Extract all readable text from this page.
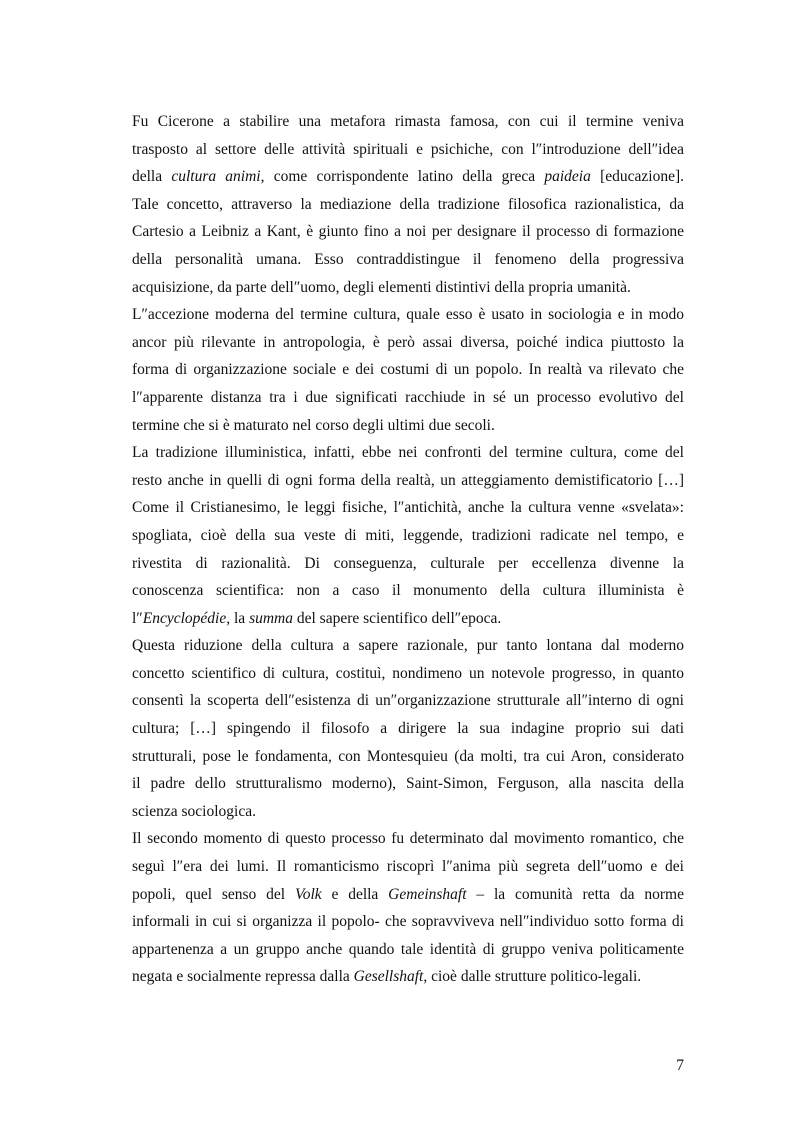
Fu Cicerone a stabilire una metafora rimasta famosa, con cui il termine veniva
trasposto al settore delle attività spirituali e psichiche, con l″introduzione dell″idea
della cultura animi, come corrispondente latino della greca paideia [educazione].
Tale concetto, attraverso la mediazione della tradizione filosofica razionalistica, da
Cartesio a Leibniz a Kant, è giunto fino a noi per designare il processo di formazione
della personalità umana. Esso contraddistingue il fenomeno della progressiva
acquisizione, da parte dell″uomo, degli elementi distintivi della propria umanità.
L″accezione moderna del termine cultura, quale esso è usato in sociologia e in modo
ancor più rilevante in antropologia, è però assai diversa, poiché indica piuttosto la
forma di organizzazione sociale e dei costumi di un popolo. In realtà va rilevato che
l″apparente distanza tra i due significati racchiude in sé un processo evolutivo del
termine che si è maturato nel corso degli ultimi due secoli.
La tradizione illuministica, infatti, ebbe nei confronti del termine cultura, come del
resto anche in quelli di ogni forma della realtà, un atteggiamento demistificatorio […]
Come il Cristianesimo, le leggi fisiche, l″antichità, anche la cultura venne «svelata»:
spogliata, cioè della sua veste di miti, leggende, tradizioni radicate nel tempo, e
rivestita di razionalità. Di conseguenza, culturale per eccellenza divenne la
conoscenza scientifica: non a caso il monumento della cultura illuminista è
l″Encyclopédie, la summa del sapere scientifico dell″epoca.
Questa riduzione della cultura a sapere razionale, pur tanto lontana dal moderno
concetto scientifico di cultura, costituì, nondimeno un notevole progresso, in quanto
consentì la scoperta dell″esistenza di un″organizzazione strutturale all″interno di ogni
cultura; […] spingendo il filosofo a dirigere la sua indagine proprio sui dati
strutturali, pose le fondamenta, con Montesquieu (da molti, tra cui Aron, considerato
il padre dello strutturalismo moderno), Saint-Simon, Ferguson, alla nascita della
scienza sociologica.
Il secondo momento di questo processo fu determinato dal movimento romantico, che
seguì l″era dei lumi. Il romanticismo riscoprì l″anima più segreta dell″uomo e dei
popoli, quel senso del Volk e della Gemeinshaft – la comunità retta da norme
informali in cui si organizza il popolo- che sopravviveva nell″individuo sotto forma di
appartenenza a un gruppo anche quando tale identità di gruppo veniva politicamente
negata e socialmente repressa dalla Gesellshaft, cioè dalle strutture politico-legali.
7
